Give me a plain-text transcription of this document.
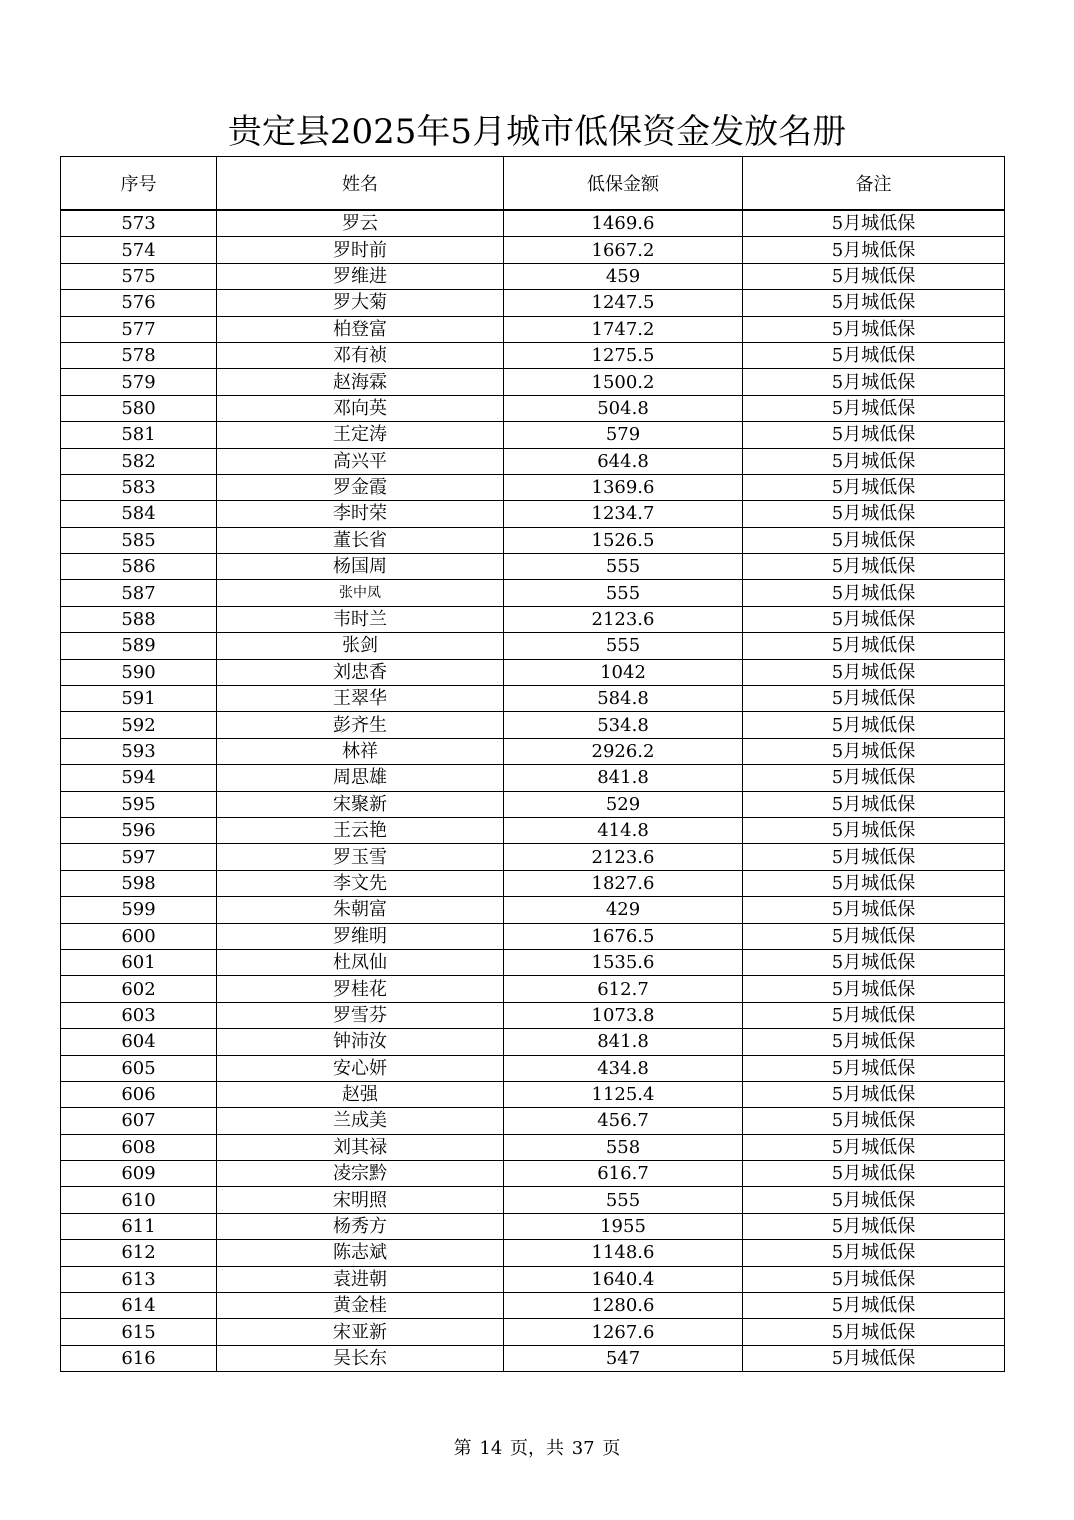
贵定县2025年5月城市低保资金发放名册
序号	姓名	低保金额	备注
573	罗云	1469.6	5月城低保
574	罗时前	1667.2	5月城低保
575	罗维进	459	5月城低保
576	罗大菊	1247.5	5月城低保
577	柏登富	1747.2	5月城低保
578	邓有祯	1275.5	5月城低保
579	赵海霖	1500.2	5月城低保
580	邓向英	504.8	5月城低保
581	王定涛	579	5月城低保
582	高兴平	644.8	5月城低保
583	罗金霞	1369.6	5月城低保
584	李时荣	1234.7	5月城低保
585	董长省	1526.5	5月城低保
586	杨国周	555	5月城低保
587	张中凤	555	5月城低保
588	韦时兰	2123.6	5月城低保
589	张剑	555	5月城低保
590	刘忠香	1042	5月城低保
591	王翠华	584.8	5月城低保
592	彭齐生	534.8	5月城低保
593	林祥	2926.2	5月城低保
594	周思雄	841.8	5月城低保
595	宋聚新	529	5月城低保
596	王云艳	414.8	5月城低保
597	罗玉雪	2123.6	5月城低保
598	李文先	1827.6	5月城低保
599	朱朝富	429	5月城低保
600	罗维明	1676.5	5月城低保
601	杜凤仙	1535.6	5月城低保
602	罗桂花	612.7	5月城低保
603	罗雪芬	1073.8	5月城低保
604	钟沛汝	841.8	5月城低保
605	安心妍	434.8	5月城低保
606	赵强	1125.4	5月城低保
607	兰成美	456.7	5月城低保
608	刘其禄	558	5月城低保
609	凌宗黔	616.7	5月城低保
610	宋明照	555	5月城低保
611	杨秀方	1955	5月城低保
612	陈志斌	1148.6	5月城低保
613	袁进朝	1640.4	5月城低保
614	黄金桂	1280.6	5月城低保
615	宋亚新	1267.6	5月城低保
616	吴长东	547	5月城低保
第 14 页，共 37 页
